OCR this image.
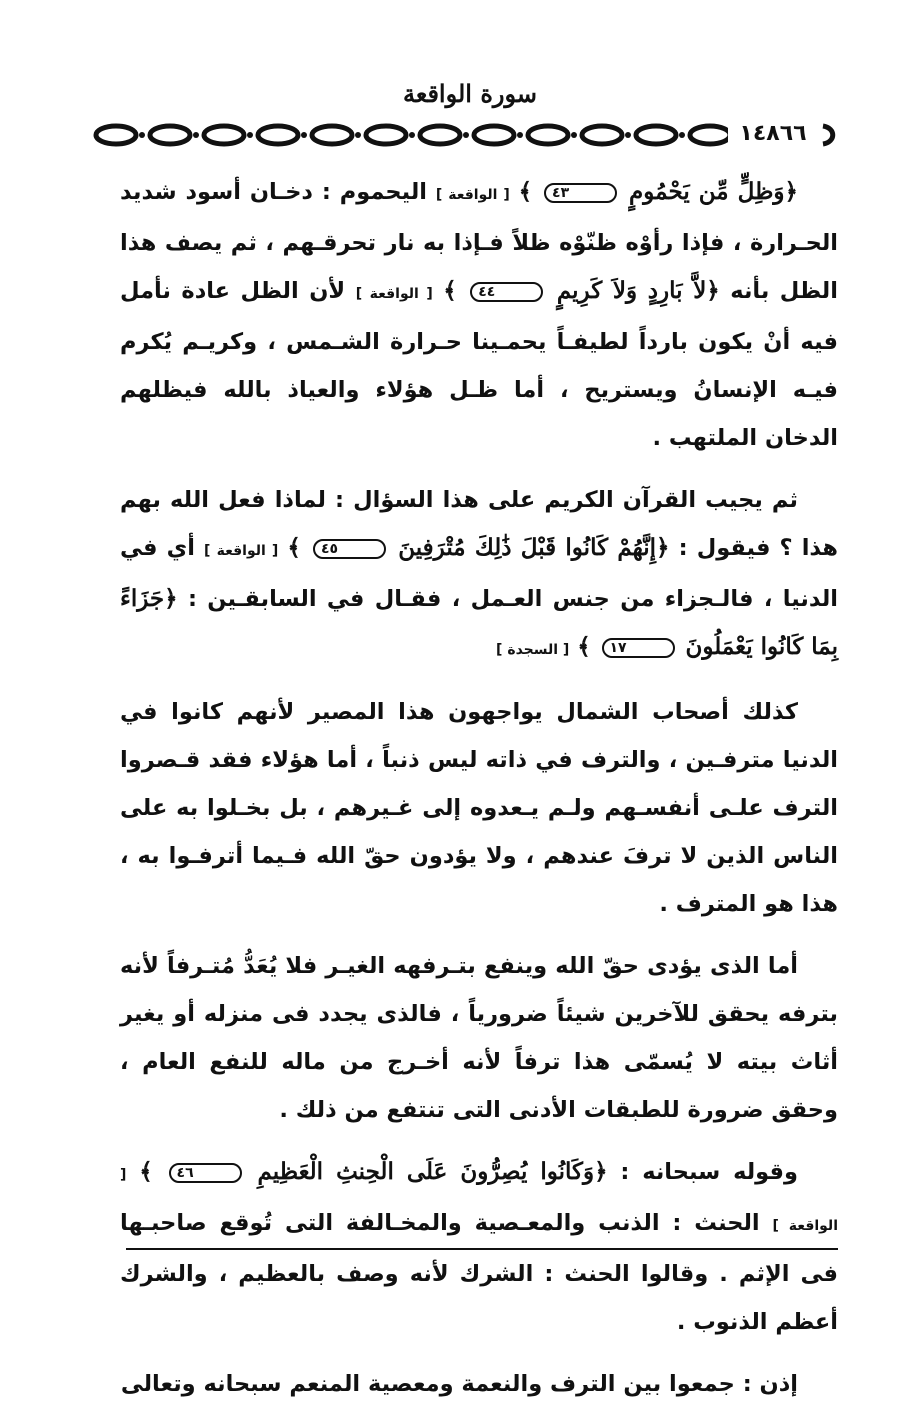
سورة الواقعة
١٤٨٦٦

﴿وَظِلٍّ مِّن يَحْمُومٍ ٤٣ ﴾ [ الواقعة ] اليحموم : دخـان أسود شديد الحـرارة ، فإذا رأوْه ظنّوْه ظلاً فـإذا به نار تحرقـهم ، ثم يصف هذا الظل بأنه ﴿لاَّ بَارِدٍ وَلاَ كَرِيمٍ ٤٤ ﴾ [ الواقعة ] لأن الظل عادة نأمل فيه أنْ يكون بارداً لطيفـاً يحمـينا حـرارة الشـمس ، وكريـم يُكرم فيـه الإنسانُ ويستريح ، أما ظـل هؤلاء والعياذ بالله فيظلهم الدخان الملتهب .

ثم يجيب القرآن الكريم على هذا السؤال : لماذا فعل الله بهم هذا ؟ فيقول : ﴿إِنَّهُمْ كَانُوا قَبْلَ ذَٰلِكَ مُتْرَفِينَ ٤٥ ﴾ [ الواقعة ] أي في الدنيا ، فالـجزاء من جنس العـمل ، فقـال في السابقـين : ﴿جَزَاءً بِمَا كَانُوا يَعْمَلُونَ ١٧ ﴾ [ السجدة ]

كذلك أصحاب الشمال يواجهون هذا المصير لأنهم كانوا في الدنيا مترفـين ، والترف في ذاته ليس ذنباً ، أما هؤلاء فقد قـصروا الترف علـى أنفسـهم ولـم يـعدوه إلى غـيرهم ، بل بخـلوا به على الناس الذين لا ترفَ عندهم ، ولا يؤدون حقّ الله فـيما أترفـوا به ، هذا هو المترف .

أما الذى يؤدى حقّ الله وينفع بتـرفهه الغيـر فلا يُعَدُّ مُتـرفاً لأنه بترفه يحقق للآخرين شيئاً ضرورياً ، فالذى يجدد فى منزله أو يغير أثاث بيته لا يُسمّى هذا ترفاً لأنه أخـرج من ماله للنفع العام ، وحقق ضرورة للطبقات الأدنى التى تنتفع من ذلك .

وقوله سبحانه : ﴿وَكَانُوا يُصِرُّونَ عَلَى الْحِنثِ الْعَظِيمِ ٤٦ ﴾ [ الواقعة ] الحنث : الذنب والمعـصية والمخـالفة التى تُوقع صاحبـها فى الإثم . وقالوا الحنث : الشرك لأنه وصف بالعظيم ، والشرك أعظم الذنوب .

إذن : جمعوا بين الترف والنعمة ومعصية المنعم سبحانه وتعالى
